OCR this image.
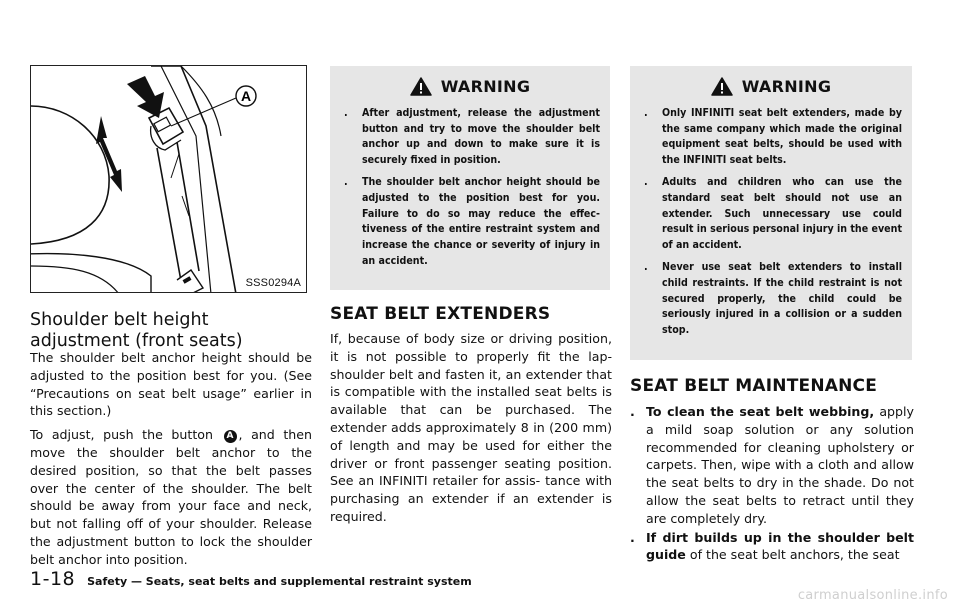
A
SSS0294A
Shoulder belt height adjustment (front seats)

The shoulder belt anchor height should be adjusted to the position best for you. (See “Precautions on seat belt usage” earlier in this section.)

To adjust, push the button A , and then move the shoulder belt anchor to the desired position, so that the belt passes over the center of the shoulder. The belt should be away from your face and neck, but not falling off of your shoulder. Release the adjustment button to lock the shoulder belt anchor into position.

WARNING
.	After adjustment, release the adjustment button and try to move the shoulder belt anchor up and down to make sure it is securely fixed in position.
.	The shoulder belt anchor height should be adjusted to the position best for you. Failure to do so may reduce the effec- tiveness of the entire restraint system and increase the chance or severity of injury in an accident.
SEAT BELT EXTENDERS
If, because of body size or driving position, it is not possible to properly fit the lap- shoulder belt and fasten it, an extender that is compatible with the installed seat belts is available that can be purchased. The extender adds approximately 8 in (200 mm) of length and may be used for either the driver or front passenger seating position. See an INFINITI retailer for assis- tance with purchasing an extender if an extender is required.
WARNING
.	Only INFINITI seat belt extenders, made by the same company which made the original equipment seat belts, should be used with the INFINITI seat belts.
.	Adults and children who can use the standard seat belt should not use an extender. Such unnecessary use could result in serious personal injury in the event of an accident.
.	Never use seat belt extenders to install child restraints. If the child restraint is not secured properly, the child could be seriously injured in a collision or a sudden stop.
SEAT BELT MAINTENANCE
. To clean the seat belt webbing, apply a mild soap solution or any solution recommended for cleaning upholstery or carpets. Then, wipe with a cloth and allow the seat belts to dry in the shade. Do not allow the seat belts to retract until they are completely dry.
. If dirt builds up in the shoulder belt guide of the seat belt anchors, the seat
1-18 Safety — Seats, seat belts and supplemental restraint system
carmanualsonline.info
